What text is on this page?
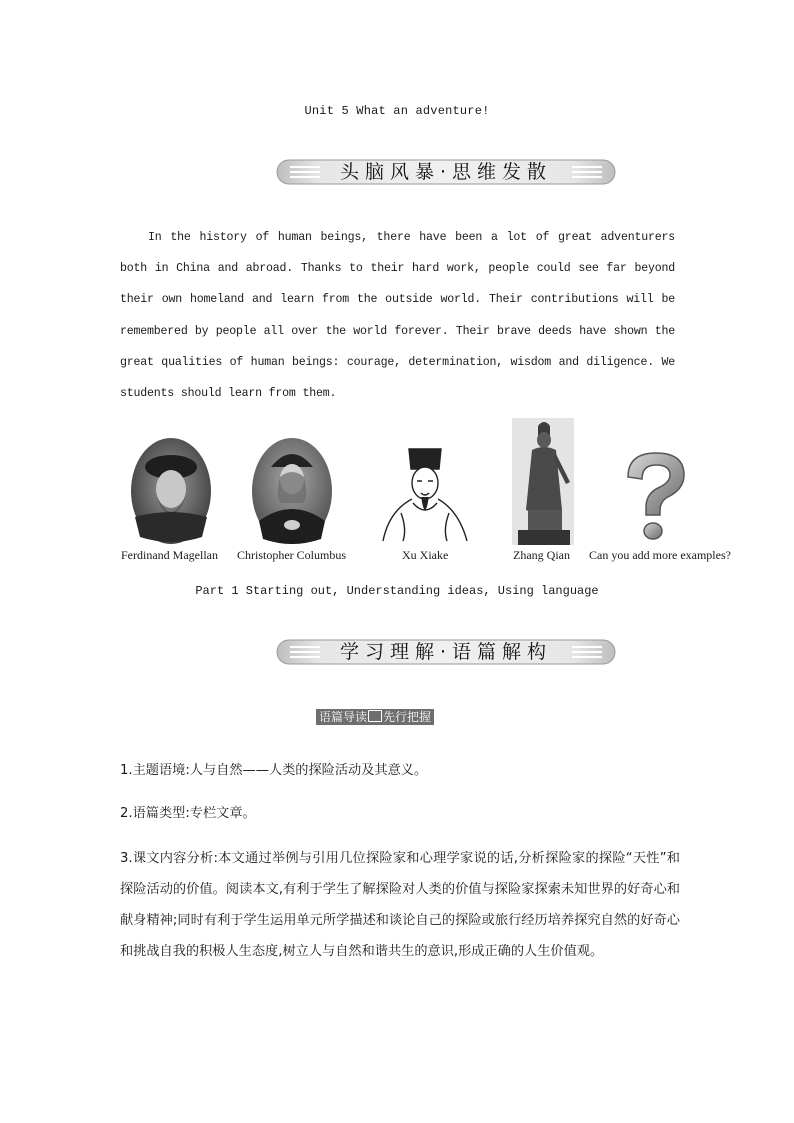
Unit 5 What an adventure!
头脑风暴·思维发散
In the history of human beings, there have been a lot of great adventurers both in China and abroad. Thanks to their hard work, people could see far beyond their own homeland and learn from the outside world. Their contributions will be remembered by people all over the world forever. Their brave deeds have shown the great qualities of human beings: courage, determination, wisdom and diligence. We students should learn from them.
Ferdinand Magellan Christopher Columbus	Xu Xiake	Zhang Qian Can you add more examples?
Part 1 Starting out, Understanding ideas, Using language
学习理解·语篇解构
语篇导读 先行把握
1.主题语境:人与自然——人类的探险活动及其意义。
2.语篇类型:专栏文章。
3.课文内容分析:本文通过举例与引用几位探险家和心理学家说的话,分析探险家的探险“天性”和探险活动的价值。阅读本文,有利于学生了解探险对人类的价值与探险家探索未知世界的好奇心和献身精神;同时有利于学生运用单元所学描述和谈论自己的探险或旅行经历培养探究自然的好奇心和挑战自我的积极人生态度,树立人与自然和谐共生的意识,形成正确的人生价值观。
